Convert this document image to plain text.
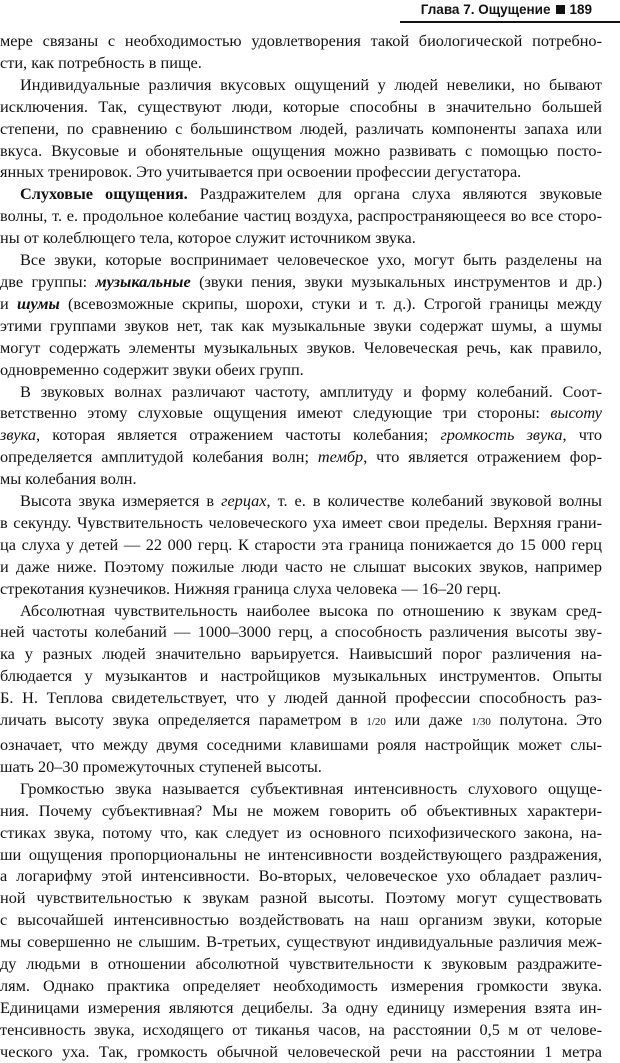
Глава 7. Ощущение 189
мере связаны с необходимостью удовлетворения такой биологической потребно-
сти, как потребность в пище.
Индивидуальные различия вкусовых ощущений у людей невелики, но бывают
исключения. Так, существуют люди, которые способны в значительно большей
степени, по сравнению с большинством людей, различать компоненты запаха или
вкуса. Вкусовые и обонятельные ощущения можно развивать с помощью посто-
янных тренировок. Это учитывается при освоении профессии дегустатора.
Слуховые ощущения. Раздражителем для органа слуха являются звуковые
волны, т. е. продольное колебание частиц воздуха, распространяющееся во все сторо-
ны от колеблющего тела, которое служит источником звука.
Все звуки, которые воспринимает человеческое ухо, могут быть разделены на
две группы: музыкальные (звуки пения, звуки музыкальных инструментов и др.)
и шумы (всевозможные скрипы, шорохи, стуки и т. д.). Строгой границы между
этими группами звуков нет, так как музыкальные звуки содержат шумы, а шумы
могут содержать элементы музыкальных звуков. Человеческая речь, как правило,
одновременно содержит звуки обеих групп.
В звуковых волнах различают частоту, амплитуду и форму колебаний. Соот-
ветственно этому слуховые ощущения имеют следующие три стороны: высоту
звука, которая является отражением частоты колебания; громкость звука, что
определяется амплитудой колебания волн; тембр, что является отражением фор-
мы колебания волн.
Высота звука измеряется в герцах, т. е. в количестве колебаний звуковой волны
в секунду. Чувствительность человеческого уха имеет свои пределы. Верхняя грани-
ца слуха у детей — 22 000 герц. К старости эта граница понижается до 15 000 герц
и даже ниже. Поэтому пожилые люди часто не слышат высоких звуков, например
стрекотания кузнечиков. Нижняя граница слуха человека — 16–20 герц.
Абсолютная чувствительность наиболее высока по отношению к звукам сред-
ней частоты колебаний — 1000–3000 герц, а способность различения высоты зву-
ка у разных людей значительно варьируется. Наивысший порог различения на-
блюдается у музыкантов и настройщиков музыкальных инструментов. Опыты
Б. Н. Теплова свидетельствует, что у людей данной профессии способность раз-
личать высоту звука определяется параметром в 1/20 или даже 1/30 полутона. Это
означает, что между двумя соседними клавишами рояля настройщик может слы-
шать 20–30 промежуточных ступеней высоты.
Громкостью звука называется субъективная интенсивность слухового ощуще-
ния. Почему субъективная? Мы не можем говорить об объективных характери-
стиках звука, потому что, как следует из основного психофизического закона, на-
ши ощущения пропорциональны не интенсивности воздействующего раздражения,
а логарифму этой интенсивности. Во-вторых, человеческое ухо обладает различ-
ной чувствительностью к звукам разной высоты. Поэтому могут существовать
с высочайшей интенсивностью воздействовать на наш организм звуки, которые
мы совершенно не слышим. В-третьих, существуют индивидуальные различия меж-
ду людьми в отношении абсолютной чувствительности к звуковым раздражите-
лям. Однако практика определяет необходимость измерения громкости звука.
Единицами измерения являются децибелы. За одну единицу измерения взята ин-
тенсивность звука, исходящего от тиканья часов, на расстоянии 0,5 м от челове-
ческого уха. Так, громкость обычной человеческой речи на расстоянии 1 метра
